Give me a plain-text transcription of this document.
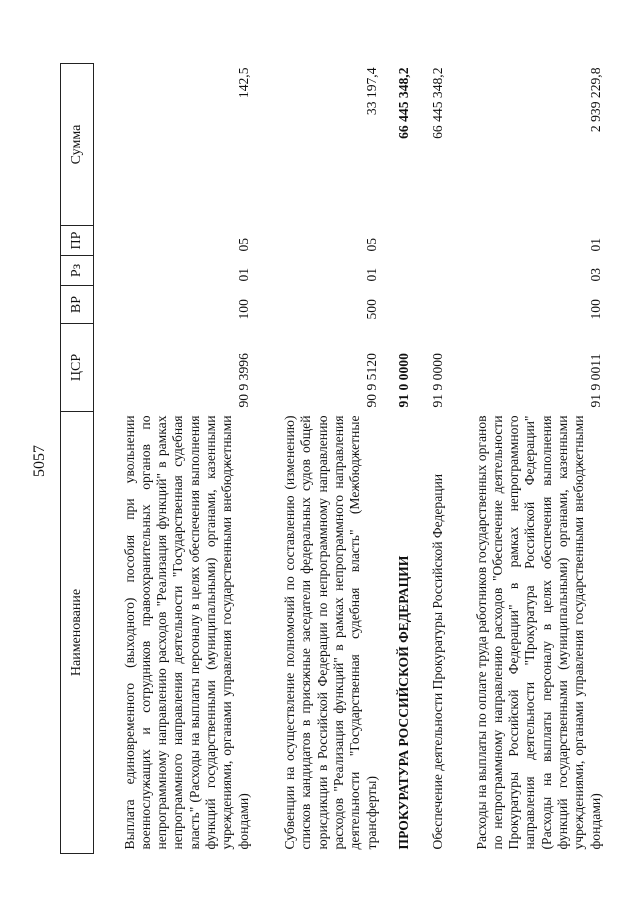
5057
Наименование	ЦСР	ВР	Рз	ПР	Сумма
Выплата единовременного (выходного) пособия при увольнении военнослужащих и сотрудников правоохранительных органов по непрограммному направлению расходов "Реализация функций" в рамках непрограммного направления деятельности "Государственная судебная власть" (Расходы на выплаты персоналу в целях обеспечения выполнения функций государственными (муниципальными) органами, казенными учреждениями, органами управления государственными внебюджетными фондами)	90 9 3996	100	01	05	142,5
Субвенции на осуществление полномочий по составлению (изменению) списков кандидатов в присяжные заседатели федеральных судов общей юрисдикции в Российской Федерации по непрограммному направлению расходов "Реализация функций" в рамках непрограммного направления деятельности "Государственная судебная власть" (Межбюджетные трансферты)	90 9 5120	500	01	05	33 197,4
ПРОКУРАТУРА РОССИЙСКОЙ ФЕДЕРАЦИИ	91 0 0000				66 445 348,2
Обеспечение деятельности Прокуратуры Российской Федерации	91 9 0000				66 445 348,2
Расходы на выплаты по оплате труда работников государственных органов по непрограммному направлению расходов "Обеспечение деятельности Прокуратуры Российской Федерации" в рамках непрограммного направления деятельности "Прокуратура Российской Федерации" (Расходы на выплаты персоналу в целях обеспечения выполнения функций государственными (муниципальными) органами, казенными учреждениями, органами управления государственными внебюджетными фондами)	91 9 0011	100	03	01	2 939 229,8
